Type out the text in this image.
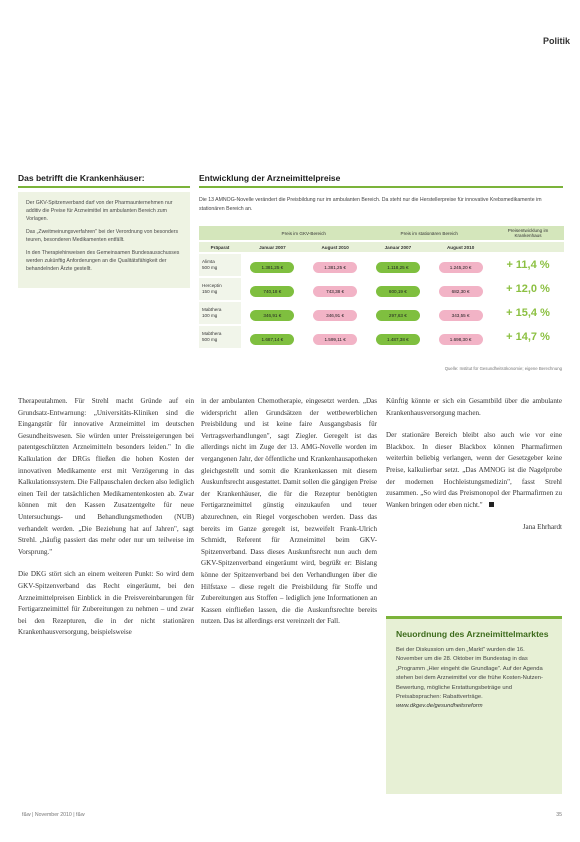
Politik
Das betrifft die Krankenhäuser:

Der GKV-Spitzenverband darf von der Pharmaunternehmen nur additiv die Preise für Arzneimittel im ambulanten Bereich zum Vorlagen.

Das „Zweitmeinungsverfahren" bei der Verordnung von besonders teuren, besonderen Medikamenten entfällt.

In den Therapiehinweisen des Gemeinsamen Bundesausschusses werden zukünftig Anforderungen an die Qualitätsfähigkeit der behandelnden Ärzte gestellt.

Entwicklung der Arzneimittelpreise
Die 13 AMNOG-Novelle verändert die Preisbildung nur im ambulanten Bereich. Da steht nur die Herstellerpreise für innovative Krebsmedikamente im stationären Bereich an.
	Preis im GKV-Bereich		Preis im stationären Bereich		Preisentwicklung im Krankenhaus
Präparat	Januar 2007	August 2010	Januar 2007	August 2010	
Alimta
500 mg	1.381,25 €	1.381,25 €	1.118,25 €	1.245,20 €	+ 11,4 %
Herceptin
150 mg	740,18 €	743,38 €	600,19 €	682,30 €	+ 12,0 %
Mabthera
100 mg	346,91 €	346,91 €	297,63 €	343,55 €	+ 15,4 %
Mabthera
500 mg	1.687,14 €	1.599,11 €	1.487,38 €	1.698,30 €	+ 14,7 %
Quelle: Institut für Gesundheitsökonomie; eigene Berechnung

Therapeutahmen. Für Strehl macht Gründe auf ein Grundsatz-Entwarnung: „Universitäts-Kliniken sind die Eingangstür für innovative Arzneimittel im deutschen Gesundheitswesen. Sie würden unter Preissteigerungen bei patentgeschützten Arzneimitteln besonders leiden." In die Kalkulation der DRGs fließen die hohen Kosten der innovativen Medikamente erst mit Verzögerung in das Kalkulationssystem. Die Fallpauschalen decken also lediglich einen Teil der tatsächlichen Medikamentenkosten ab. Zwar können mit den Kassen Zusatzentgelte für neue Untersuchungs- und Behandlungsmethoden (NUB) verhandelt werden. „Die Beziehung hat auf Jahren", sagt Strehl. „häufig passiert das mehr oder nur um teilweise im Vorsprung."

Die DKG stört sich an einem weiteren Punkt: So wird dem GKV-Spitzenverband das Recht eingeräumt, bei den Arzneimittelpreisen Einblick in die Preisvereinbarungen für Fertigarzneimittel für Zubereitungen zu nehmen – und zwar bei den Rezepturen, die in der nicht stationären Krankenhausversorgung, beispielsweise

in der ambulanten Chemotherapie, eingesetzt werden. „Das widerspricht allen Grundsätzen der wettbewerblichen Preisbildung und ist keine faire Ausgangsbasis für Vertragsverhandlungen", sagt Ziegler. Geregelt ist das allerdings nicht im Zuge der 13. AMG-Novelle worden im vergangenen Jahr, der öffentliche und Krankenhausapotheken gleichgestellt und somit die Krankenkassen mit diesem Auskunftsrecht ausgestattet. Damit sollen die gängigen Preise der Krankenhäuser, die für die Rezeptur benötigten Fertigarzneimittel günstig einzukaufen und teuer abzurechnen, ein Riegel vorgeschoben werden. Dass das bereits im Ganze geregelt ist, bezweifelt Frank-Ulrich Schmidt, Referent für Arzneimittel beim GKV-Spitzenverband. Dass dieses Auskunftsrecht nun auch dem GKV-Spitzenverband eingeräumt wird, begrüßt er: Bislang könne der Spitzenverband bei den Verhandlungen über die Hilfstaxe – diese regelt die Preisbildung für Stoffe und Zubereitungen aus Stoffen – lediglich jene Informationen an Kassen einfließen lassen, die die Auskunftsrechte bereits nutzen. Das ist allerdings erst vereinzelt der Fall.

Künftig könnte er sich ein Gesamtbild über die ambulante Krankenhausversorgung machen.

Der stationäre Bereich bleibt also auch wie vor eine Blackbox. In dieser Blackbox können Pharmafirmen weiterhin beliebig verlangen, wenn der Gesetzgeber keine Preise, kalkulierbar setzt. „Das AMNOG ist die Nagelprobe der modernen Hochleistungsmedizin", fasst Strehl zusammen. „So wird das Preismonopol der Pharmafirmen zu Wanken bringen oder eben nicht."

Jana Ehrhardt

Neuordnung des Arzneimittelmarktes

Bei der Diskussion um den „Markt" wurden die 16. November um die 28. Oktober im Bundestag in das „Programm „Hier eingeht die Grundlage". Auf der Agenda stehen bei dem Arzneimittel vor die frühe Kosten-Nutzen-Bewertung, mögliche Erstattungsbeträge und Preisabsprachen: Rabattverträge.

www.dkgev.de/gesundheitsreform

f&w | November 2010 | f&w	35
